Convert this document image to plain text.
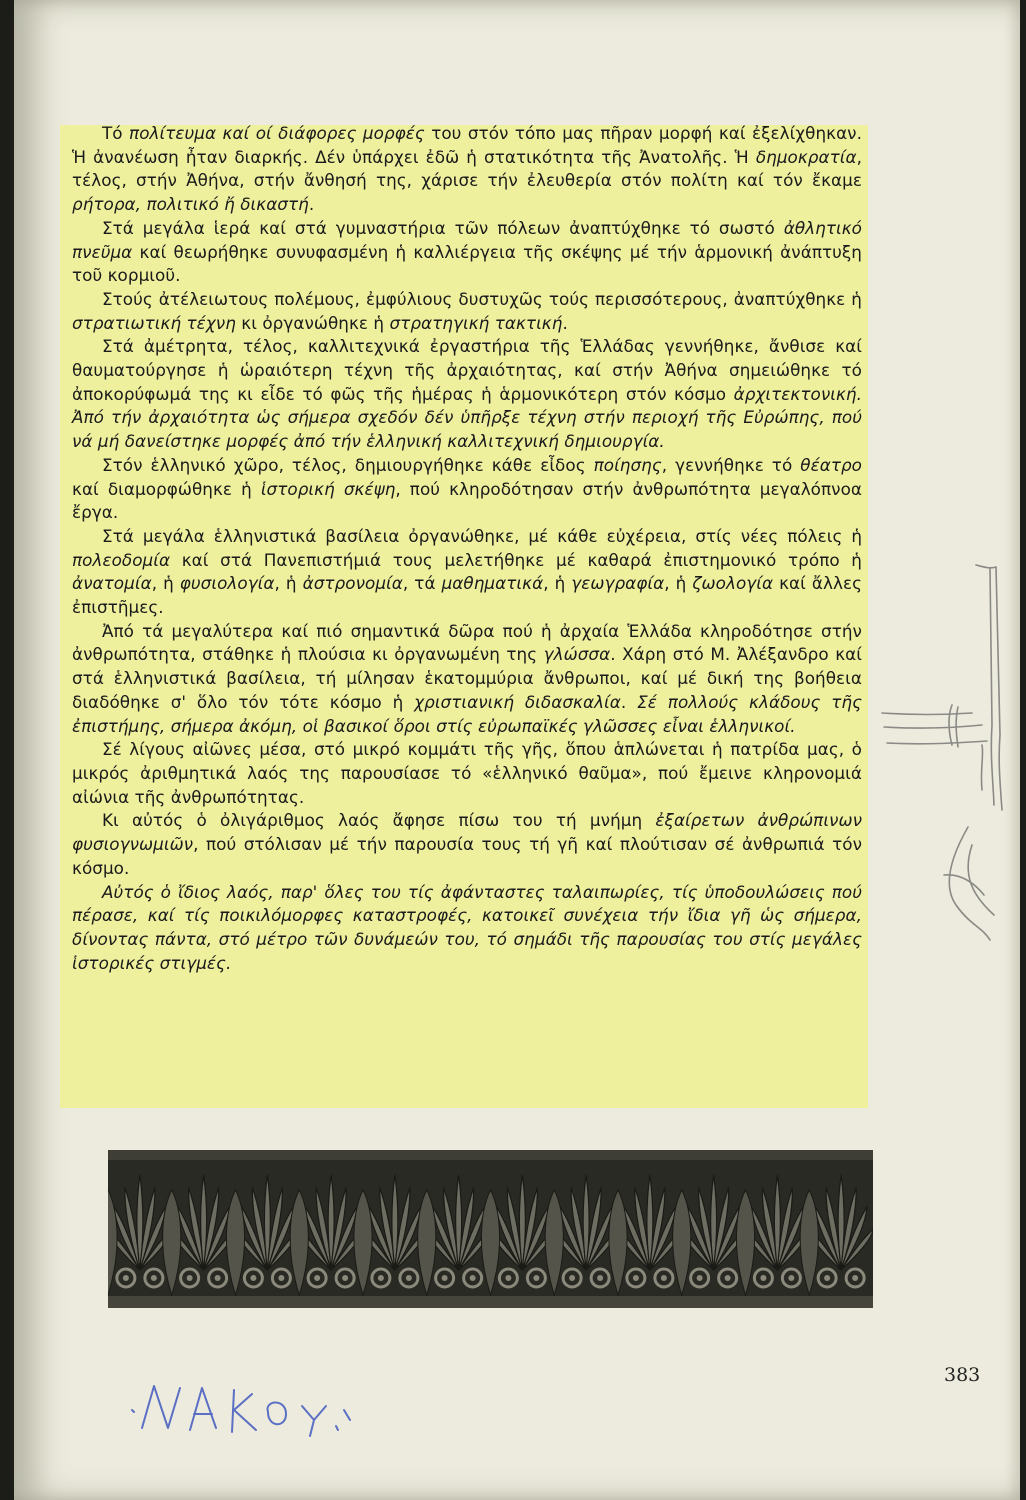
Τό πολίτευμα καί οί διάφορες μορφές του στόν τόπο μας πῆραν μορφή καί ἐξελίχθηκαν. Ἡ ἀνανέωση ἦταν διαρκής. Δέν ὑπάρχει ἐδῶ ἡ στατικότητα τῆς Ἀνατολῆς. Ἡ δημοκρατία, τέλος, στήν Ἀθήνα, στήν ἄνθησή της, χάρισε τήν ἐλευθερία στόν πολίτη καί τόν ἔκαμε ρήτορα, πολιτικό ἤ δικαστή.

Στά μεγάλα ἱερά καί στά γυμναστήρια τῶν πόλεων ἀναπτύχθηκε τό σωστό ἀθλητικό πνεῦμα καί θεωρήθηκε συνυφασμένη ἡ καλλιέργεια τῆς σκέψης μέ τήν ἁρμονική ἀνάπτυξη τοῦ κορμιοῦ.

Στούς ἀτέλειωτους πολέμους, ἐμφύλιους δυστυχῶς τούς περισσότερους, ἀναπτύχθηκε ἡ στρατιωτική τέχνη κι ὀργανώθηκε ἡ στρατηγική τακτική.

Στά ἀμέτρητα, τέλος, καλλιτεχνικά ἐργαστήρια τῆς Ἑλλάδας γεννήθηκε, ἄνθισε καί θαυματούργησε ἡ ὡραιότερη τέχνη τῆς ἀρχαιότητας, καί στήν Ἀθήνα σημειώθηκε τό ἀποκορύφωμά της κι εἶδε τό φῶς τῆς ἡμέρας ἡ ἁρμονικότερη στόν κόσμο ἀρχιτεκτονική. Ἀπό τήν ἀρχαιότητα ὡς σήμερα σχεδόν δέν ὑπῆρξε τέχνη στήν περιοχή τῆς Εὐρώπης, πού νά μή δανείστηκε μορφές ἀπό τήν ἑλληνική καλλιτεχνική δημιουργία.

Στόν ἑλληνικό χῶρο, τέλος, δημιουργήθηκε κάθε εἶδος ποίησης, γεννήθηκε τό θέατρο καί διαμορφώθηκε ἡ ἱστορική σκέψη, πού κληροδότησαν στήν ἀνθρωπότητα μεγαλόπνοα ἔργα.

Στά μεγάλα ἑλληνιστικά βασίλεια ὀργανώθηκε, μέ κάθε εὐχέρεια, στίς νέες πόλεις ἡ πολεοδομία καί στά Πανεπιστήμιά τους μελετήθηκε μέ καθαρά ἐπιστημονικό τρόπο ἡ ἀνατομία, ἡ φυσιολογία, ἡ ἀστρονομία, τά μαθηματικά, ἡ γεωγραφία, ἡ ζωολογία καί ἄλλες ἐπιστῆμες.

Ἀπό τά μεγαλύτερα καί πιό σημαντικά δῶρα πού ἡ ἀρχαία Ἑλλάδα κληροδότησε στήν ἀνθρωπότητα, στάθηκε ἡ πλούσια κι ὀργανωμένη της γλώσσα. Χάρη στό Μ. Ἀλέξανδρο καί στά ἑλληνιστικά βασίλεια, τή μίλησαν ἑκατομμύρια ἄνθρωποι, καί μέ δική της βοήθεια διαδόθηκε σ' ὅλο τόν τότε κόσμο ἡ χριστιανική διδασκαλία. Σέ πολλούς κλάδους τῆς ἐπιστήμης, σήμερα ἀκόμη, οἱ βασικοί ὅροι στίς εὐρωπαϊκές γλῶσσες εἶναι ἑλληνικοί.

Σέ λίγους αἰῶνες μέσα, στό μικρό κομμάτι τῆς γῆς, ὅπου ἁπλώνεται ἡ πατρίδα μας, ὁ μικρός ἀριθμητικά λαός της παρουσίασε τό «ἑλληνικό θαῦμα», πού ἔμεινε κληρονομιά αἰώνια τῆς ἀνθρωπότητας.

Κι αὐτός ὁ ὀλιγάριθμος λαός ἄφησε πίσω του τή μνήμη ἐξαίρετων ἀνθρώπινων φυσιογνωμιῶν, πού στόλισαν μέ τήν παρουσία τους τή γῆ καί πλούτισαν σέ ἀνθρωπιά τόν κόσμο.

Αὐτός ὁ ἴδιος λαός, παρ' ὅλες του τίς ἀφάνταστες ταλαιπωρίες, τίς ὑποδουλώσεις πού πέρασε, καί τίς ποικιλόμορφες καταστροφές, κατοικεῖ συνέχεια τήν ἴδια γῆ ὡς σήμερα, δίνοντας πάντα, στό μέτρο τῶν δυνάμεών του, τό σημάδι τῆς παρουσίας του στίς μεγάλες ἱστορικές στιγμές.

383
